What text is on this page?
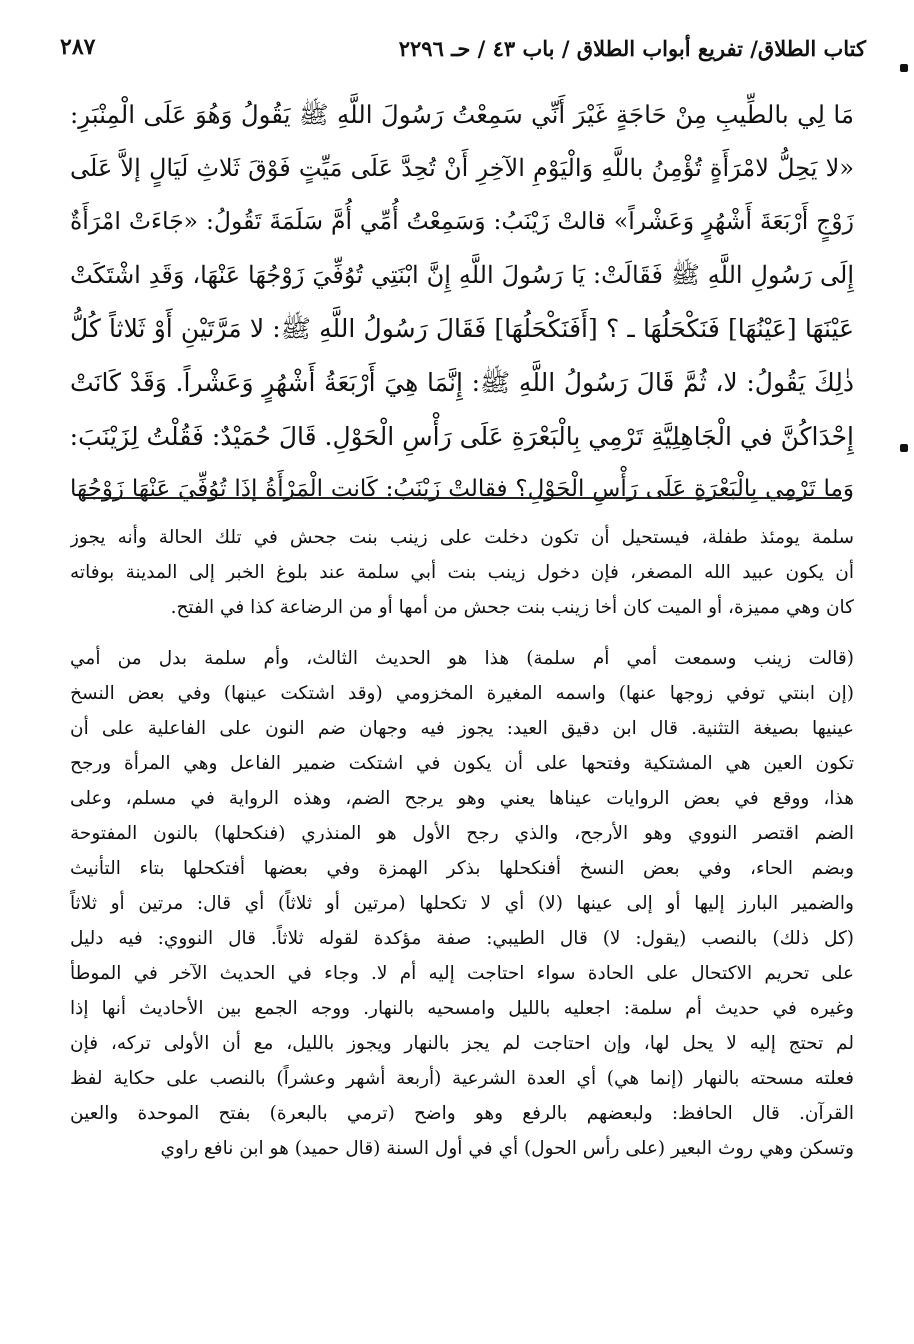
كتاب الطلاق/ تفريع أبواب الطلاق / باب ٤٣ / حـ ٢٢٩٦
٢٨٧
مَا لِي بالطِّيبِ مِنْ حَاجَةٍ غَيْرَ أَنِّي سَمِعْتُ رَسُولَ اللَّهِ ﷺ يَقُولُ وَهُوَ عَلَى الْمِنْبَرِ:
«لا يَحِلُّ لامْرَأَةٍ تُؤْمِنُ باللَّهِ وَالْيَوْمِ الآخِرِ أَنْ تُحِدَّ عَلَى مَيِّتٍ فَوْقَ ثَلاثِ لَيَالٍ إلاَّ عَلَى
زَوْجٍ أَرْبَعَةَ أَشْهُرٍ وَعَشْراً» قالتْ زَيْنَبُ: وَسَمِعْتُ أُمِّي أُمَّ سَلَمَةَ تَقُولُ: «جَاءَتْ امْرَأَةٌ
إِلَى رَسُولِ اللَّهِ ﷺ فَقَالَتْ: يَا رَسُولَ اللَّهِ إِنَّ ابْنَتِي تُوُفِّيَ زَوْجُهَا عَنْهَا، وَقَدِ اشْتَكَتْ
عَيْنَهَا [عَيْنُهَا] فَنَكْحَلُهَا ـ ؟ [أَفَنَكْحَلُهَا] فَقَالَ رَسُولُ اللَّهِ ﷺ: لا مَرَّتَيْنِ أَوْ ثَلاثاً كُلُّ
ذٰلِكَ يَقُولُ: لا، ثُمَّ قَالَ رَسُولُ اللَّهِ ﷺ: إِنَّمَا هِيَ أَرْبَعَةُ أَشْهُرٍ وَعَشْراً. وَقَدْ كَانَتْ
إِحْدَاكُنَّ في الْجَاهِلِيَّةِ تَرْمِي بِالْبَعْرَةِ عَلَى رَأْسِ الْحَوْلِ. قَالَ حُمَيْدٌ: فَقُلْتُ لِزَيْنَبَ:
وَما تَرْمِي بِالْبَعْرَةِ عَلَى رَأْسِ الْحَوْلِ؟ فقالتْ زَيْنَبُ: كَانت الْمَرْأَةُ إذَا تُوُفِّيَ عَنْهَا زَوْجُهَا
سلمة يومئذ طفلة، فيستحيل أن تكون دخلت على زينب بنت جحش في تلك الحالة وأنه يجوز
أن يكون عبيد الله المصغر، فإن دخول زينب بنت أبي سلمة عند بلوغ الخبر إلى المدينة بوفاته
كان وهي مميزة، أو الميت كان أخا زينب بنت جحش من أمها أو من الرضاعة كذا في الفتح.
(قالت زينب وسمعت أمي أم سلمة) هذا هو الحديث الثالث، وأم سلمة بدل من أمي
(إن ابنتي توفي زوجها عنها) واسمه المغيرة المخزومي (وقد اشتكت عينها) وفي بعض النسخ
عينيها بصيغة التثنية. قال ابن دقيق العيد: يجوز فيه وجهان ضم النون على الفاعلية على أن
تكون العين هي المشتكية وفتحها على أن يكون في اشتكت ضمير الفاعل وهي المرأة ورجح
هذا، ووقع في بعض الروايات عيناها يعني وهو يرجح الضم، وهذه الرواية في مسلم، وعلى
الضم اقتصر النووي وهو الأرجح، والذي رجح الأول هو المنذري (فنكحلها) بالنون المفتوحة
وبضم الحاء، وفي بعض النسخ أفنكحلها بذكر الهمزة وفي بعضها أفتكحلها بتاء التأنيث
والضمير البارز إليها أو إلى عينها (لا) أي لا تكحلها (مرتين أو ثلاثاً) أي قال: مرتين أو ثلاثاً
(كل ذلك) بالنصب (يقول: لا) قال الطيبي: صفة مؤكدة لقوله ثلاثاً. قال النووي: فيه دليل
على تحريم الاكتحال على الحادة سواء احتاجت إليه أم لا. وجاء في الحديث الآخر في الموطأ
وغيره في حديث أم سلمة: اجعليه بالليل وامسحيه بالنهار. ووجه الجمع بين الأحاديث أنها إذا
لم تحتج إليه لا يحل لها، وإن احتاجت لم يجز بالنهار ويجوز بالليل، مع أن الأولى تركه، فإن
فعلته مسحته بالنهار (إنما هي) أي العدة الشرعية (أربعة أشهر وعشراً) بالنصب على حكاية لفظ
القرآن. قال الحافظ: ولبعضهم بالرفع وهو واضح (ترمي بالبعرة) بفتح الموحدة والعين
وتسكن وهي روث البعير (على رأس الحول) أي في أول السنة (قال حميد) هو ابن نافع راوي
